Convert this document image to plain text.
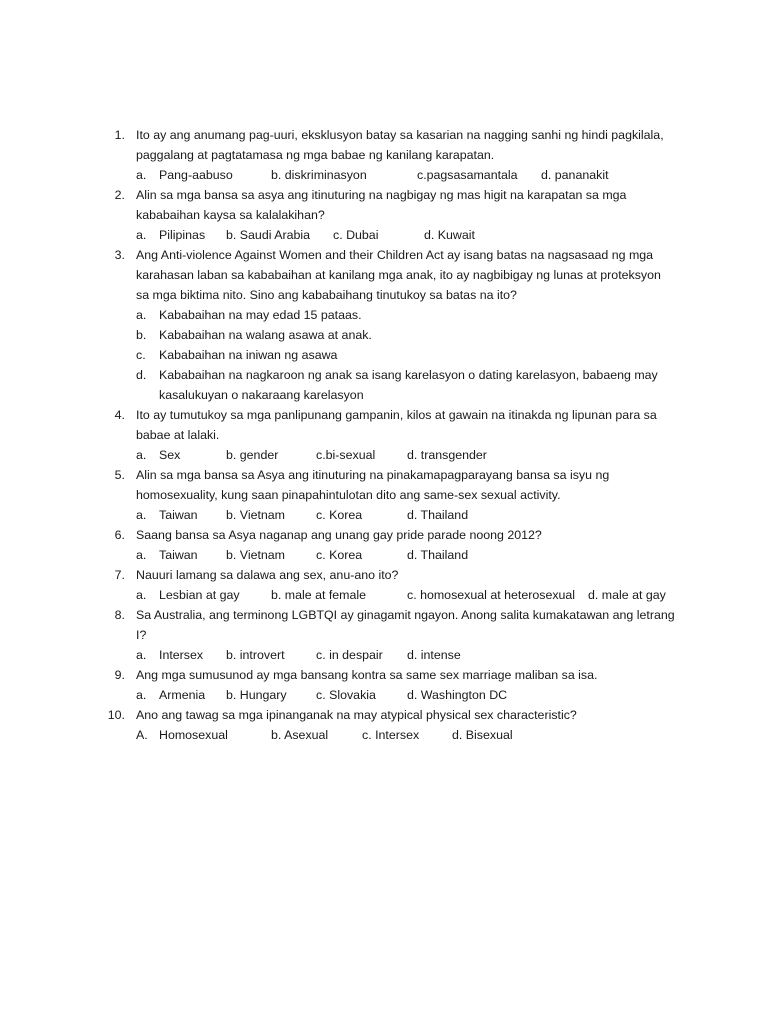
1. Ito ay ang anumang pag-uuri, eksklusyon batay sa kasarian na nagging sanhi ng hindi pagkilala,
paggalang at pagtatamasa ng mga babae ng kanilang karapatan.
a. Pang-aabuso	b. diskriminasyon	c.pagsasamantala d. pananakit
2. Alin sa mga bansa sa asya ang itinuturing na nagbigay ng mas higit na karapatan sa mga
kababaihan kaysa sa kalalakihan?
a. Pilipinas b. Saudi Arabia c. Dubai	d. Kuwait
3. Ang Anti-violence Against Women and their Children Act ay isang batas na nagsasaad ng mga
karahasan laban sa kababaihan at kanilang mga anak, ito ay nagbibigay ng lunas at proteksyon
sa mga biktima nito. Sino ang kababaihang tinutukoy sa batas na ito?
a. Kababaihan na may edad 15 pataas.
b. Kababaihan na walang asawa at anak.
c. Kababaihan na iniwan ng asawa
d. Kababaihan na nagkaroon ng anak sa isang karelasyon o dating karelasyon, babaeng may
kasalukuyan o nakaraang karelasyon
4. Ito ay tumutukoy sa mga panlipunang gampanin, kilos at gawain na itinakda ng lipunan para sa
babae at lalaki.
a. Sex	b. gender	c.bi-sexual	d. transgender
5. Alin sa mga bansa sa Asya ang itinuturing na pinakamapagparayang bansa sa isyu ng
homosexuality, kung saan pinapahintulotan dito ang same-sex sexual activity.
a. Taiwan b. Vietnam c. Korea	d. Thailand
6. Saang bansa sa Asya naganap ang unang gay pride parade noong 2012?
a. Taiwan b. Vietnam c. Korea	d. Thailand
7. Nauuri lamang sa dalawa ang sex, anu-ano ito?
a. Lesbian at gay	b. male at female	c. homosexual at heterosexual d. male at gay
8. Sa Australia, ang terminong LGBTQI ay ginagamit ngayon. Anong salita kumakatawan ang letrang
I?
a. Intersex b. introvert	c. in despair d. intense
9. Ang mga sumusunod ay mga bansang kontra sa same sex marriage maliban sa isa.
a. Armenia b. Hungary c. Slovakia	d. Washington DC
10. Ano ang tawag sa mga ipinanganak na may atypical physical sex characteristic?
A. Homosexual	b. Asexual	c. Intersex	d. Bisexual
